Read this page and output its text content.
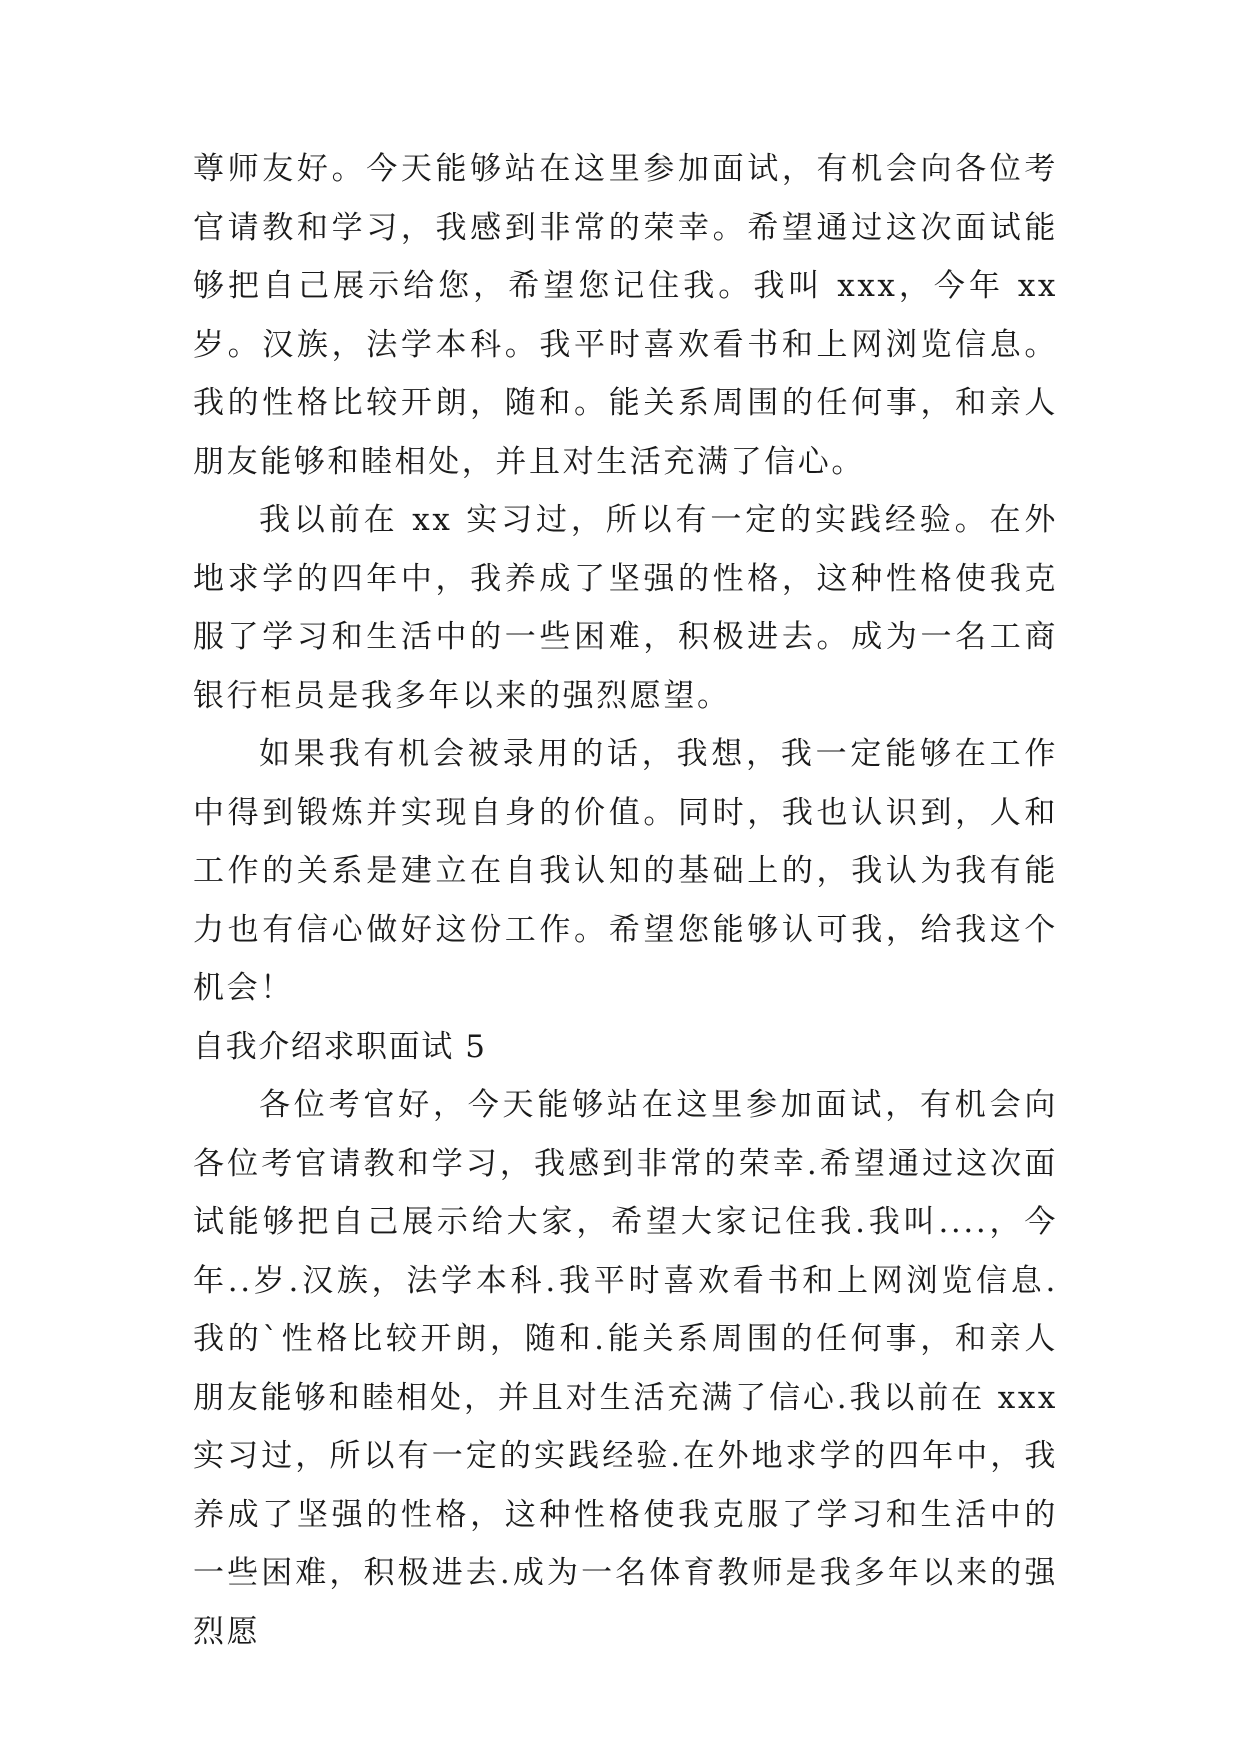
尊师友好。今天能够站在这里参加面试，有机会向各位考官请教和学习，我感到非常的荣幸。希望通过这次面试能够把自己展示给您，希望您记住我。我叫 xxx，今年 xx 岁。汉族，法学本科。我平时喜欢看书和上网浏览信息。我的性格比较开朗，随和。能关系周围的任何事，和亲人朋友能够和睦相处，并且对生活充满了信心。

我以前在 xx 实习过，所以有一定的实践经验。在外地求学的四年中，我养成了坚强的性格，这种性格使我克服了学习和生活中的一些困难，积极进去。成为一名工商银行柜员是我多年以来的强烈愿望。

如果我有机会被录用的话，我想，我一定能够在工作中得到锻炼并实现自身的价值。同时，我也认识到，人和工作的关系是建立在自我认知的基础上的，我认为我有能力也有信心做好这份工作。希望您能够认可我，给我这个机会！

自我介绍求职面试 5

各位考官好，今天能够站在这里参加面试，有机会向各位考官请教和学习，我感到非常的荣幸.希望通过这次面试能够把自己展示给大家，希望大家记住我.我叫....，今年..岁.汉族，法学本科.我平时喜欢看书和上网浏览信息.我的`性格比较开朗，随和.能关系周围的任何事，和亲人朋友能够和睦相处，并且对生活充满了信心.我以前在 xxx 实习过，所以有一定的实践经验.在外地求学的四年中，我养成了坚强的性格，这种性格使我克服了学习和生活中的一些困难，积极进去.成为一名体育教师是我多年以来的强烈愿
